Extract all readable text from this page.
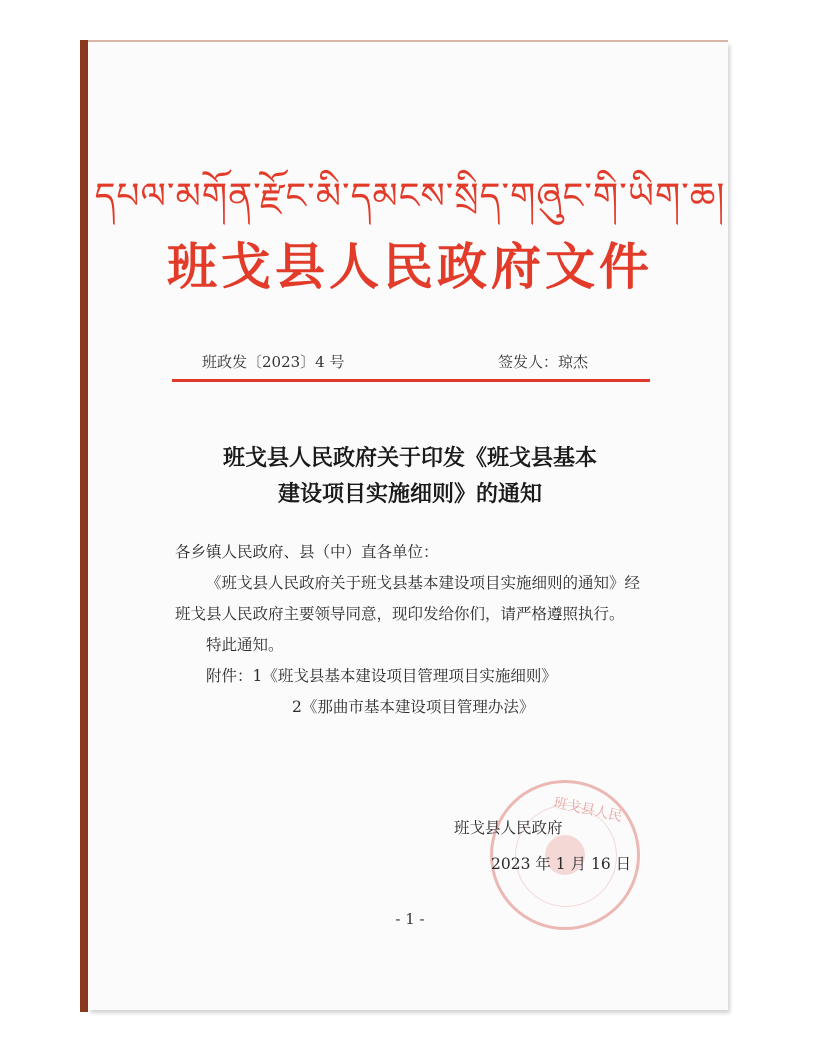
དཔལ་མགོན་རྫོང་མི་དམངས་སྲིད་གཞུང་གི་ཡིག་ཆ།
班戈县人民政府文件
班政发〔2023〕4 号	签发人：琼杰
班戈县人民政府关于印发《班戈县基本
建设项目实施细则》的通知

各乡镇人民政府、县（中）直各单位：

《班戈县人民政府关于班戈县基本建设项目实施细则的通知》经班戈县人民政府主要领导同意，现印发给你们，请严格遵照执行。

特此通知。

附件：1《班戈县基本建设项目管理项目实施细则》

2《那曲市基本建设项目管理办法》

班戈县人民
班戈县人民政府
2023 年 1 月 16 日
- 1 -
